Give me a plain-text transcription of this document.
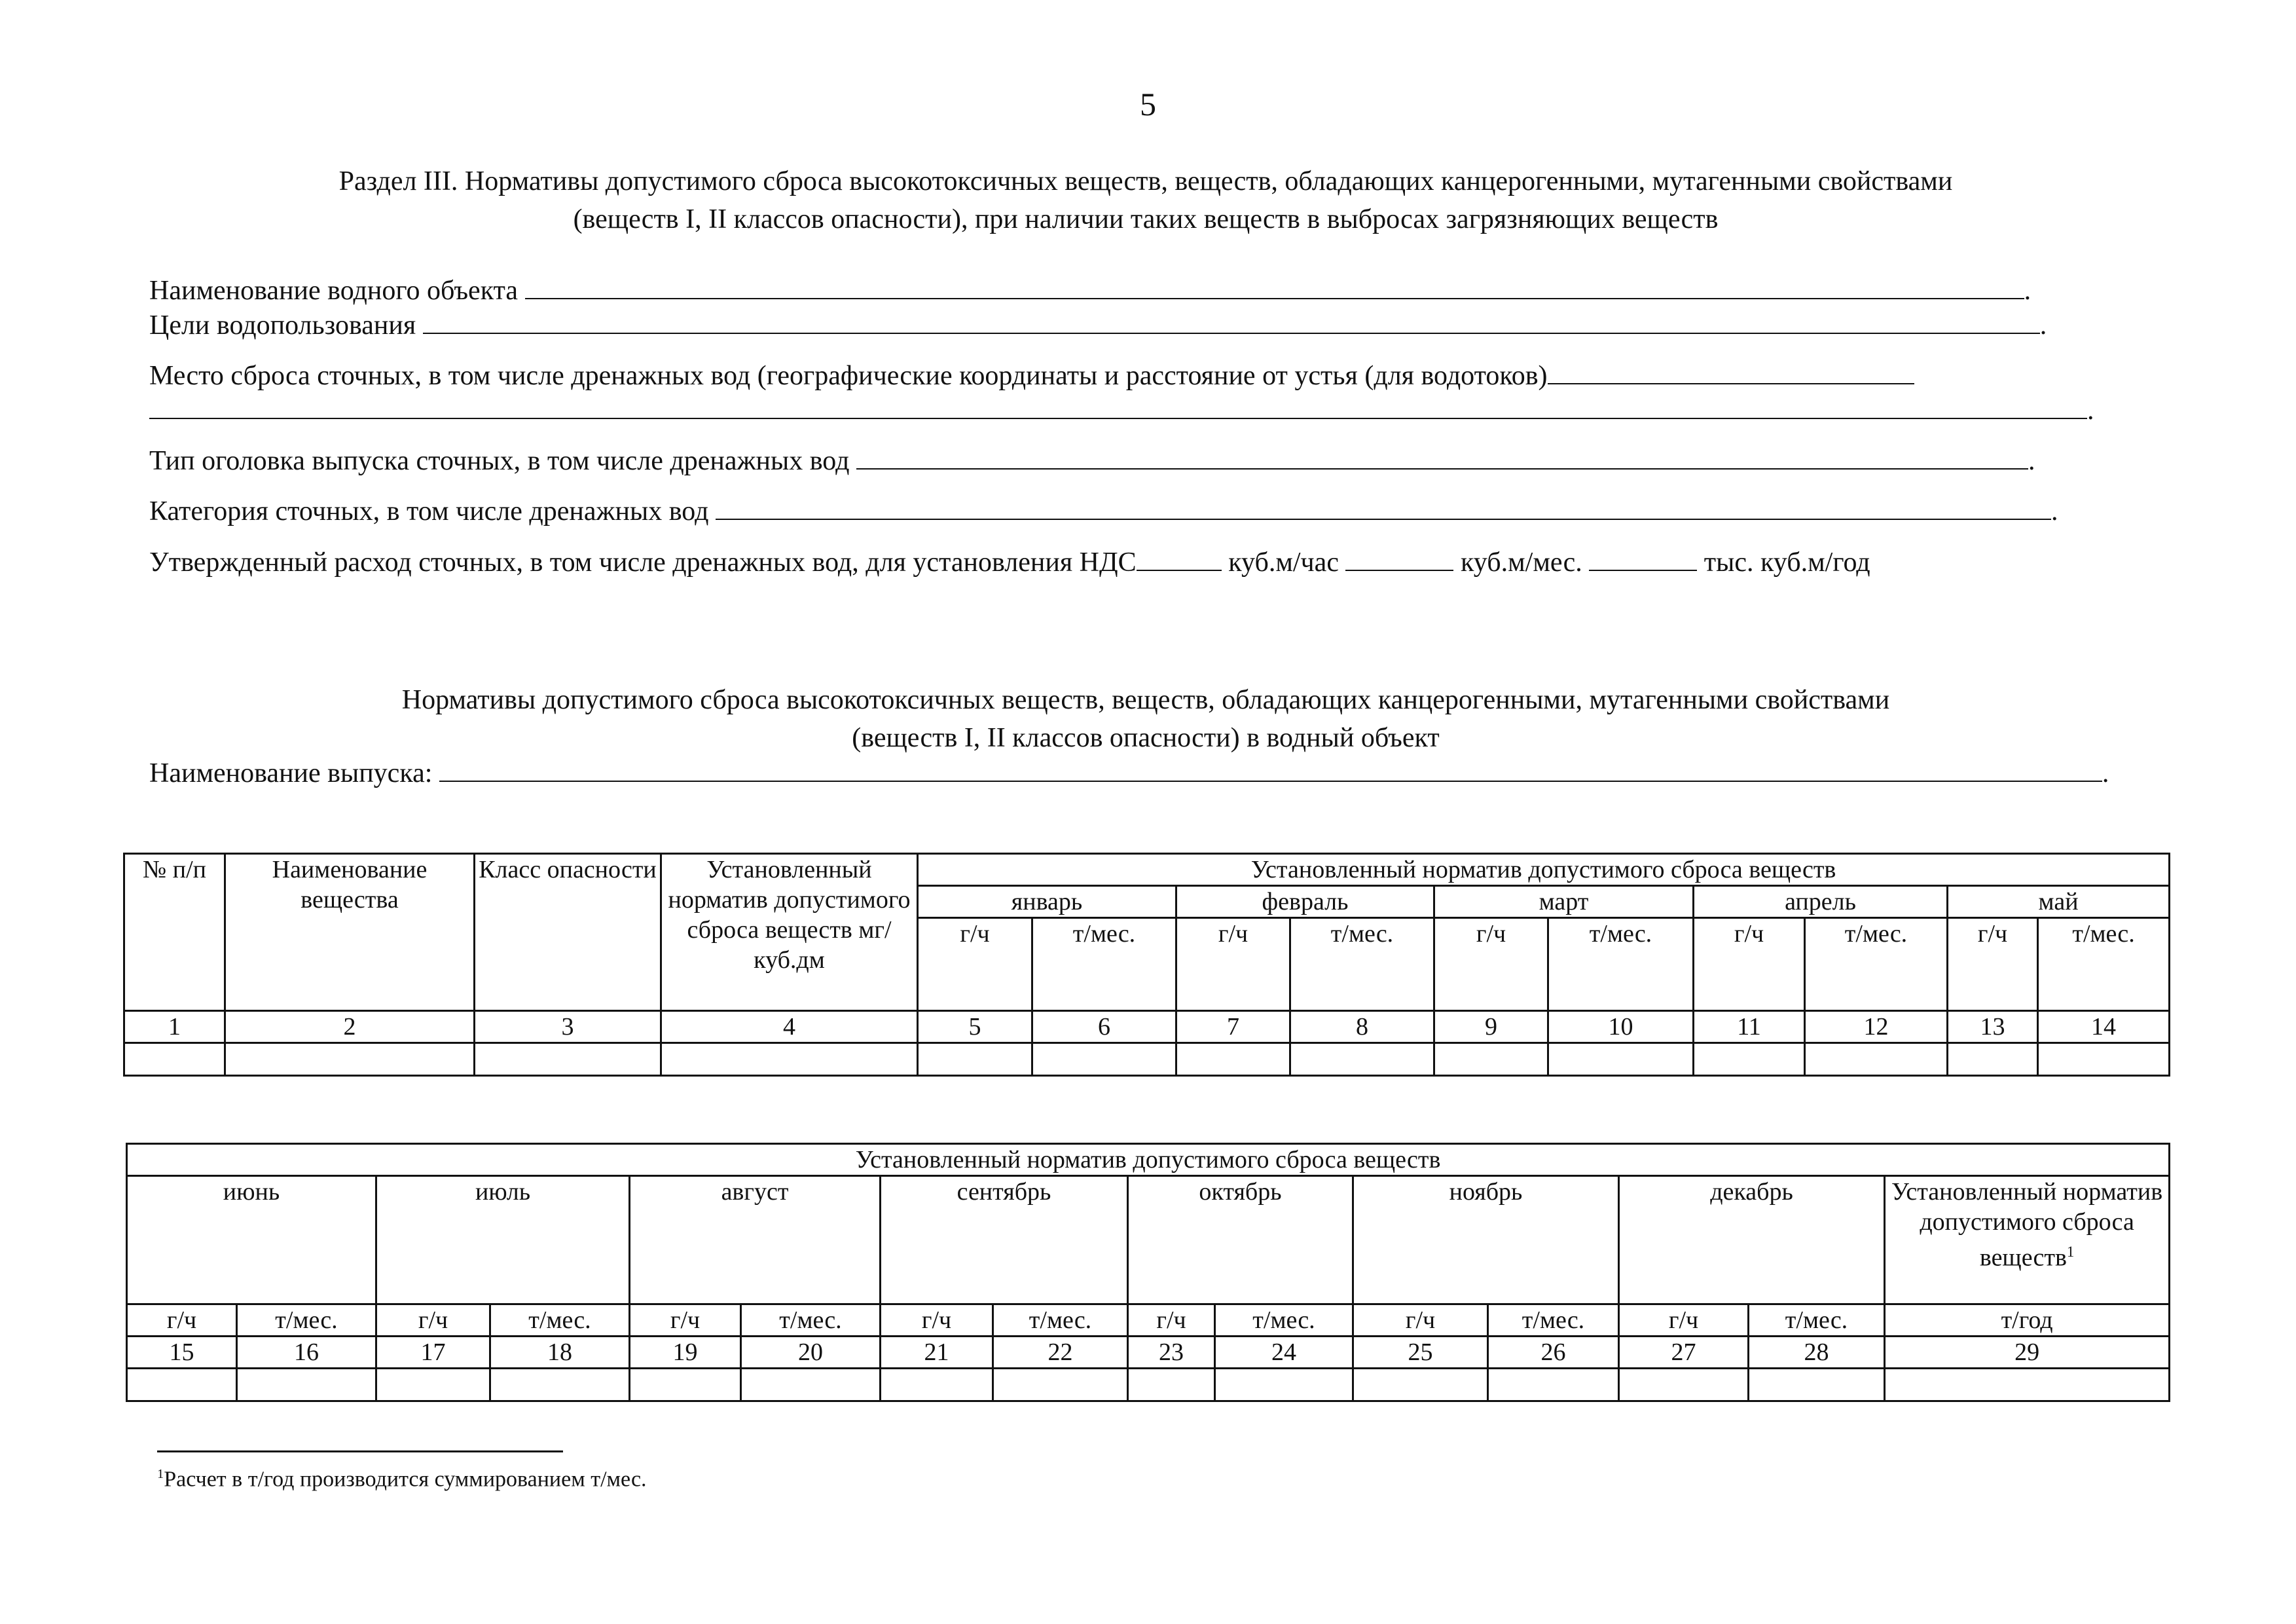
5
Раздел III. Нормативы допустимого сброса высокотоксичных веществ, веществ, обладающих канцерогенными, мутагенными свойствами
(веществ I, II классов опасности), при наличии таких веществ в выбросах загрязняющих веществ
Наименование водного объекта	.
Цели водопользования	.
Место сброса сточных, в том числе дренажных вод (географические координаты и расстояние от устья (для водотоков)
.
Тип оголовка выпуска сточных, в том числе дренажных вод	.
Категория сточных, в том числе дренажных вод	.
Утвержденный расход сточных, в том числе дренажных вод, для установления НДС	куб.м/час	куб.м/мес.	тыс. куб.м/год
Нормативы допустимого сброса высокотоксичных веществ, веществ, обладающих канцерогенными, мутагенными свойствами
(веществ I, II классов опасности) в водный объект
Наименование выпуска:	.
№ п/п	Наименование вещества	Класс опасности	Установленный норматив допустимого сброса веществ мг/куб.дм	Установленный норматив допустимого сброса веществ									
				январь		февраль		март		апрель		май	
				г/ч	т/мес.	г/ч	т/мес.	г/ч	т/мес.	г/ч	т/мес.	г/ч	т/мес.
1	2	3	4	5	6	7	8	9	10	11	12	13	14

Установленный норматив допустимого сброса веществ														
июнь		июль		август		сентябрь		октябрь		ноябрь		декабрь		Установленный норматив допустимого сброса веществ$^1$
г/ч	т/мес.	г/ч	т/мес.	г/ч	т/мес.	г/ч	т/мес.	г/ч	т/мес.	г/ч	т/мес.	г/ч	т/мес.	т/год
15	16	17	18	19	20	21	22	23	24	25	26	27	28	29

$^1$Расчет в т/год производится суммированием т/мес.
